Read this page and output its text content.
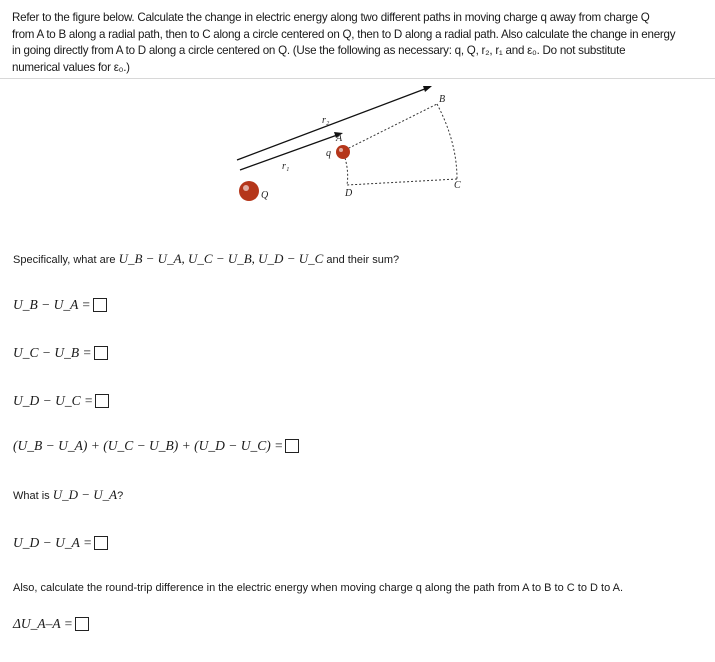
Refer to the figure below. Calculate the change in electric energy along two different paths in moving charge q away from charge Q
from A to B along a radial path, then to C along a circle centered on Q, then to D along a radial path. Also calculate the change in energy
in going directly from A to D along a circle centered on Q. (Use the following as necessary: q, Q, r₂, r₁ and ε₀. Do not substitute
numerical values for ε₀.)
B
C
D
A
q
Q
r₁
r₂
Specifically, what are U_B − U_A, U_C − U_B, U_D − U_C and their sum?
U_B − U_A =
U_C − U_B =
U_D − U_C =
(U_B − U_A) + (U_C − U_B) + (U_D − U_C) =
What is U_D − U_A?
U_D − U_A =
Also, calculate the round-trip difference in the electric energy when moving charge q along the path from A to B to C to D to A.
ΔU_A–A =
